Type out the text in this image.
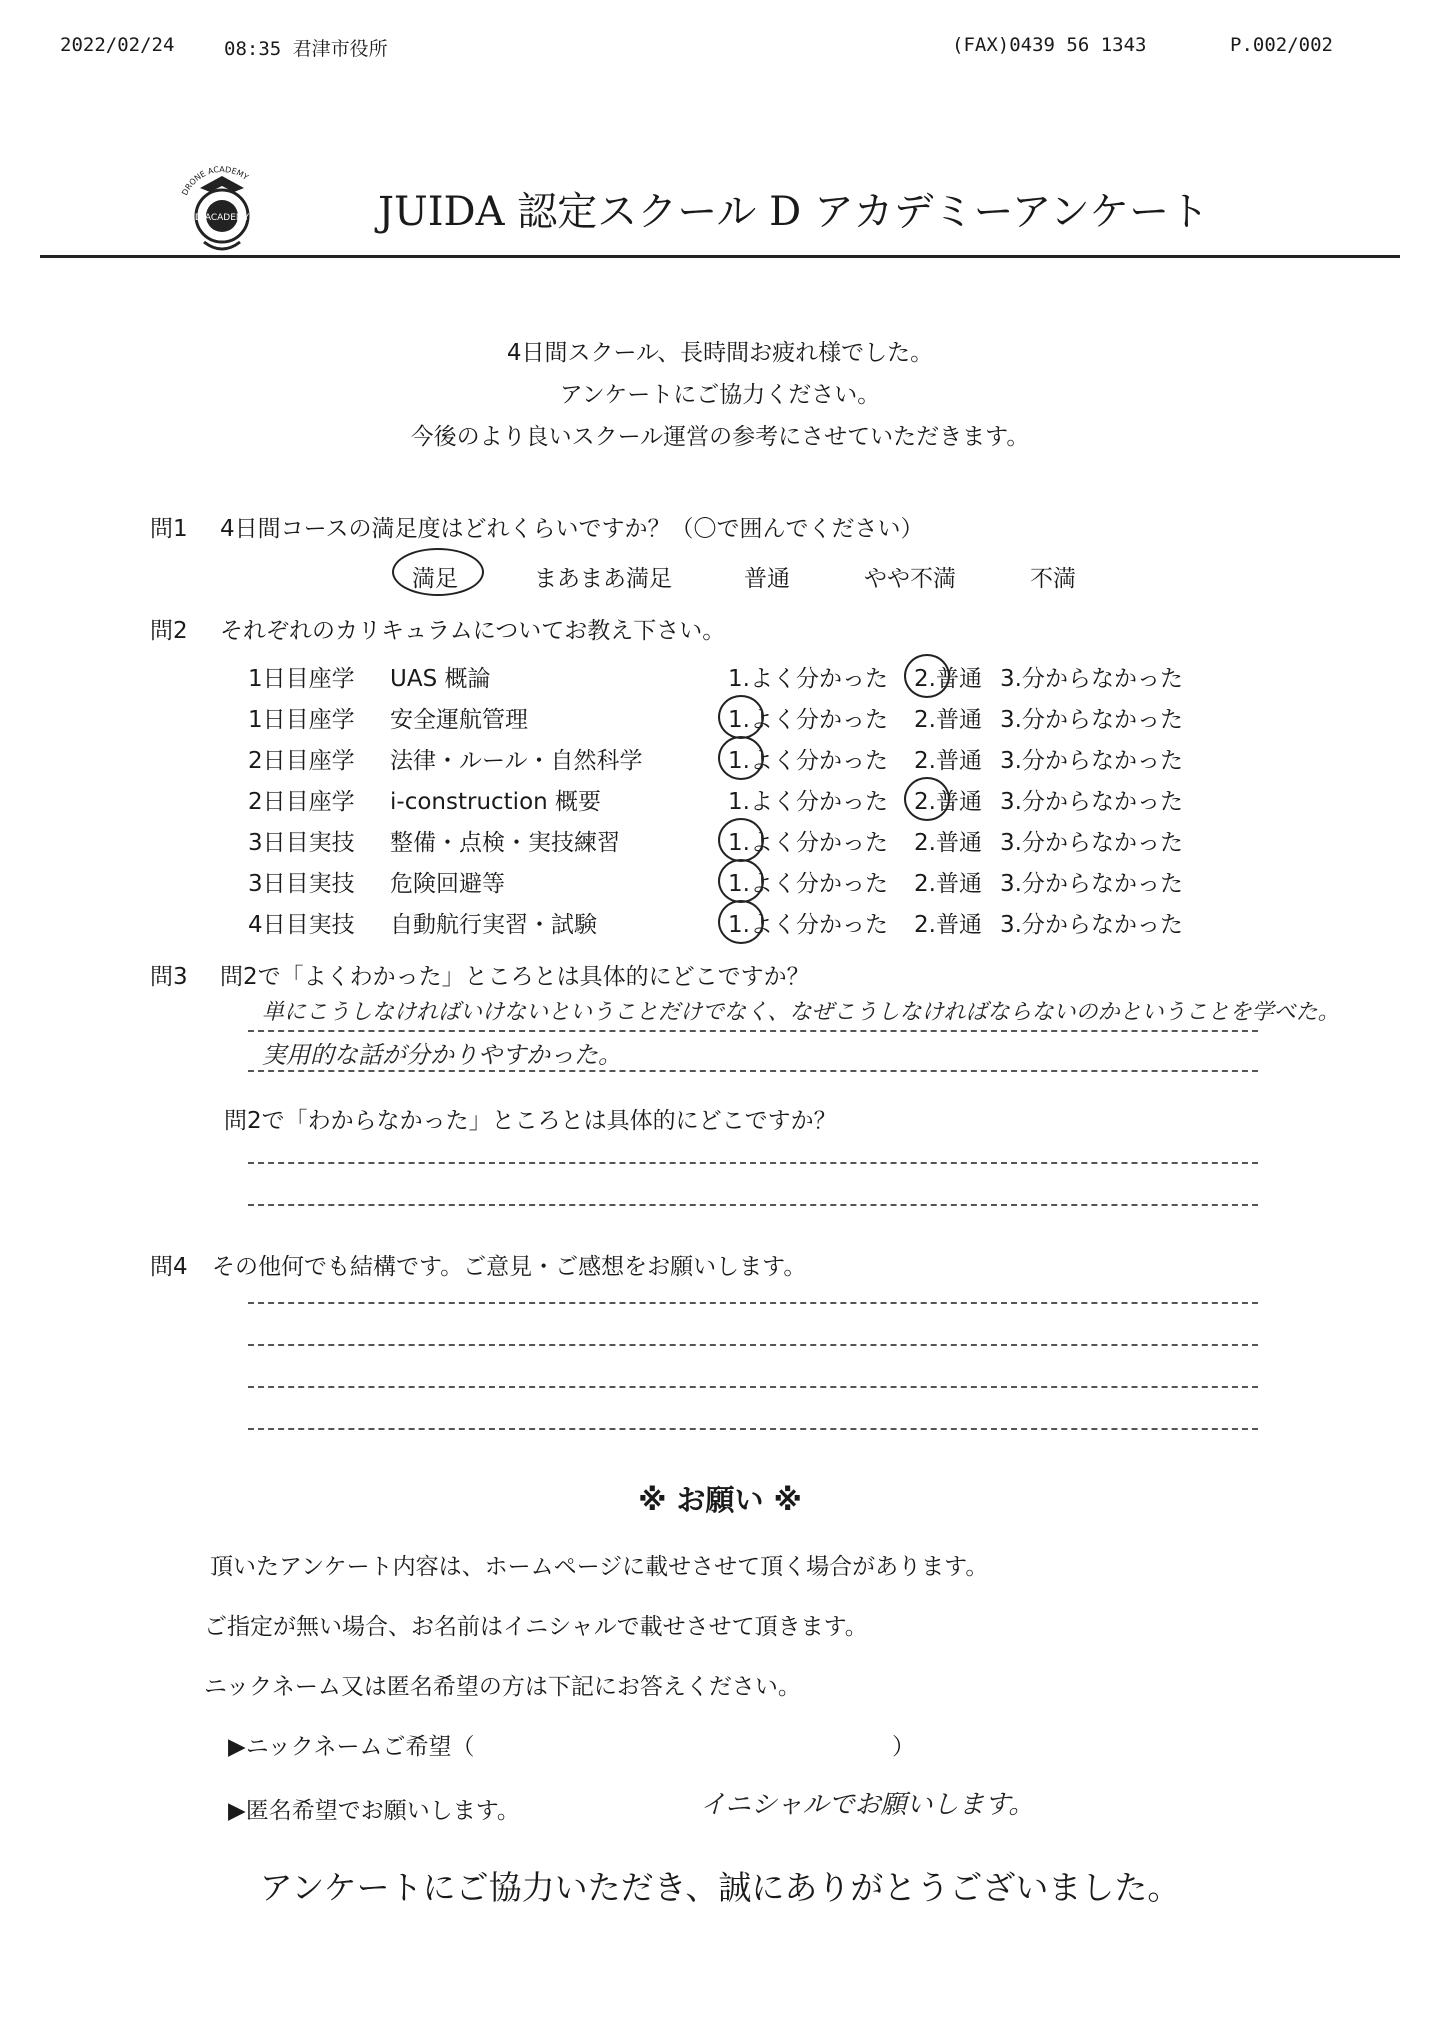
2022/02/24	08:35 君津市役所	(FAX)0439 56 1343	P.002/002
DRONE ACADEMY
D-ACADEMY	JUIDA 認定スクール D アカデミーアンケート
4日間スクール、長時間お疲れ様でした。
アンケートにご協力ください。
今後のより良いスクール運営の参考にさせていただきます。
問1 4日間コースの満足度はどれくらいですか？（〇で囲んでください）
満足	まあまあ満足	普通	やや不満	不満
問2 それぞれのカリキュラムについてお教え下さい。
1日目座学 UAS 概論	1.よく分かった 2.普通 3.分からなかった
1日目座学 安全運航管理	1.よく分かった 2.普通 3.分からなかった
2日目座学 法律・ルール・自然科学	1.よく分かった 2.普通 3.分からなかった
2日目座学 i-construction 概要	1.よく分かった 2.普通 3.分からなかった
3日目実技 整備・点検・実技練習	1.よく分かった 2.普通 3.分からなかった
3日目実技 危険回避等	1.よく分かった 2.普通 3.分からなかった
4日目実技 自動航行実習・試験	1.よく分かった 2.普通 3.分からなかった
問3 問2で「よくわかった」ところとは具体的にどこですか？
単にこうしなければいけないということだけでなく、なぜこうしなければならないのかということを学べた。
実用的な話が分かりやすかった。
問2で「わからなかった」ところとは具体的にどこですか？
問4 その他何でも結構です。ご意見・ご感想をお願いします。
※ お願い ※
頂いたアンケート内容は、ホームページに載せさせて頂く場合があります。
ご指定が無い場合、お名前はイニシャルで載せさせて頂きます。
ニックネーム又は匿名希望の方は下記にお答えください。
▶ニックネームご希望（	）
▶匿名希望でお願いします。	イニシャルでお願いします。
アンケートにご協力いただき、誠にありがとうございました。
